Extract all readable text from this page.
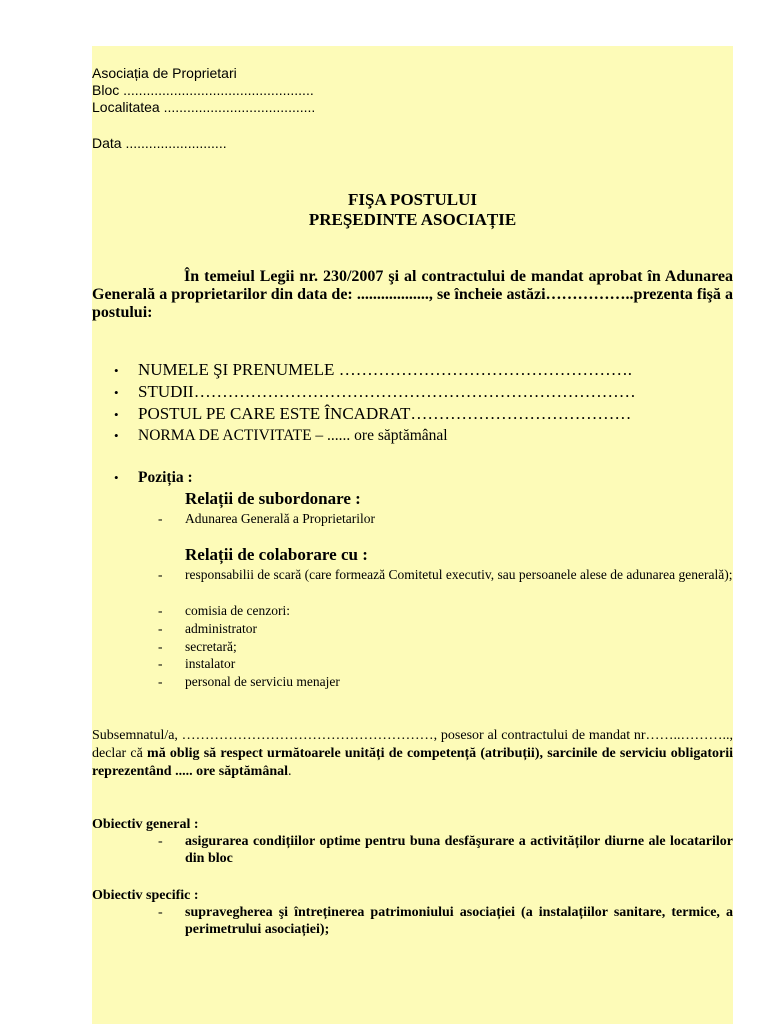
Asociația de Proprietari
Bloc .................................................
Localitatea .......................................
Data ..........................
FIŞA POSTULUI
PREŞEDINTE ASOCIAȚIE
În temeiul Legii nr. 230/2007 şi al contractului de mandat aprobat în Adunarea Generală a proprietarilor din data de: .................., se încheie astăzi……………..prezenta fişă a postului:
• NUMELE ŞI PRENUMELE …………………………………………….
• STUDII……………………………………………………………………
• POSTUL PE CARE ESTE ÎNCADRAT…………………………………
• NORMA DE ACTIVITATE – ...... ore săptămânal
• Poziția :
Relații de subordonare :
- Adunarea Generală a Proprietarilor
Relații de colaborare cu :
- responsabilii de scară (care formează Comitetul executiv, sau persoanele alese de adunarea generală);
- comisia de cenzori:
- administrator
- secretară;
- instalator
- personal de serviciu menajer
Subsemnatul/a, ………………………………………………, posesor al contractului de mandat nr……..……….., declar că mă oblig să respect următoarele unități de competență (atribuții), sarcinile de serviciu obligatorii reprezentând ..... ore săptămânal.
Obiectiv general :
- asigurarea condițiilor optime pentru buna desfăşurare a activităților diurne ale locatarilor din bloc
Obiectiv specific :
- supravegherea şi întreținerea patrimoniului asociației (a instalațiilor sanitare, termice, a perimetrului asociației);
